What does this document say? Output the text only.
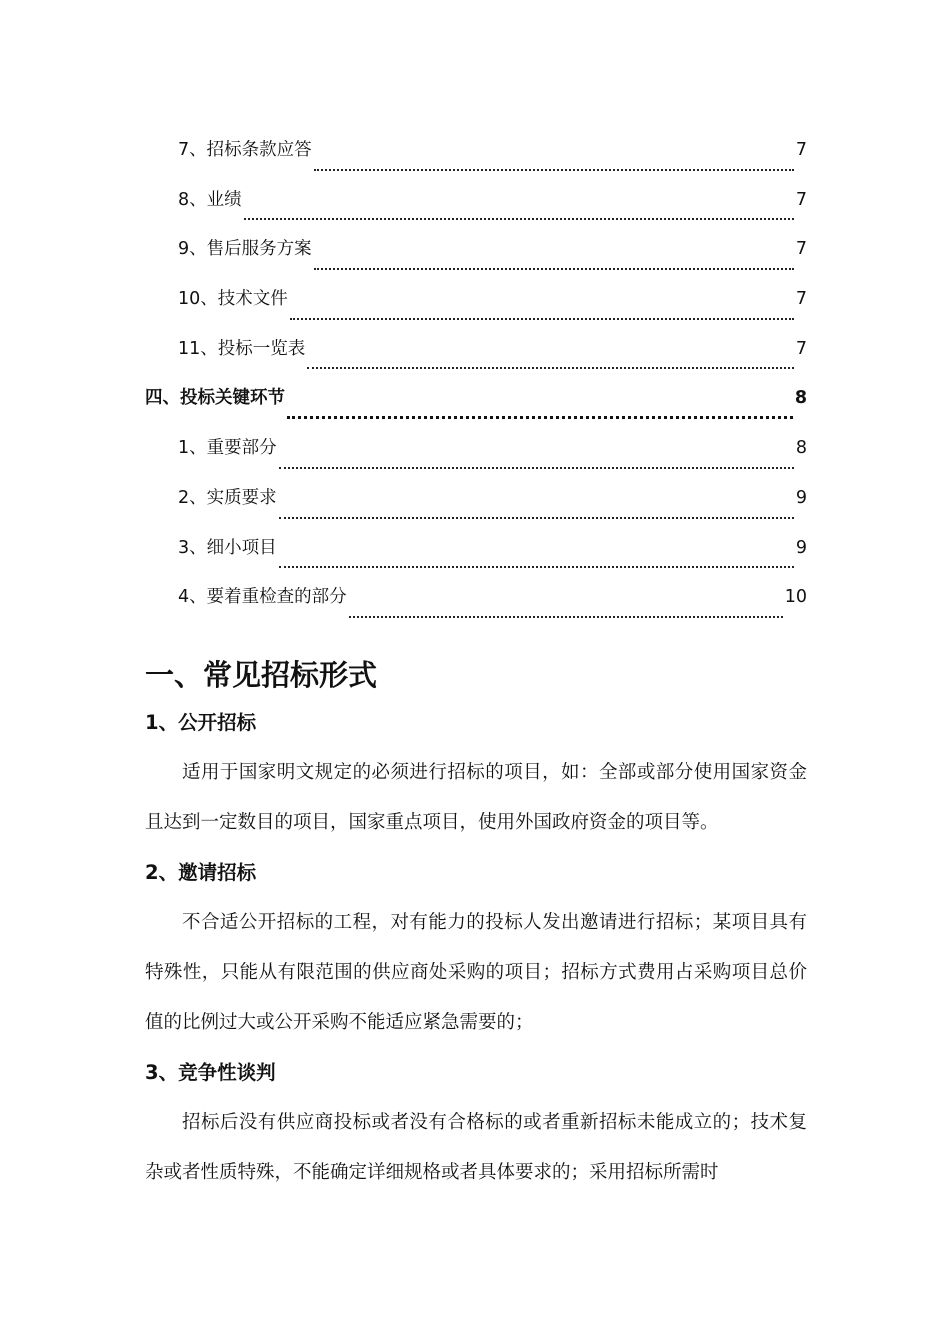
7、招标条款应答	7
8、业绩	7
9、售后服务方案	7
10、技术文件	7
11、投标一览表	7
四、投标关键环节	8
1、重要部分	8
2、实质要求	9
3、细小项目	9
4、要着重检查的部分	10
一、常见招标形式
1、公开招标

适用于国家明文规定的必须进行招标的项目，如：全部或部分使用国家资金且达到一定数目的项目，国家重点项目，使用外国政府资金的项目等。

2、邀请招标

不合适公开招标的工程，对有能力的投标人发出邀请进行招标；某项目具有特殊性，只能从有限范围的供应商处采购的项目；招标方式费用占采购项目总价值的比例过大或公开采购不能适应紧急需要的；

3、竞争性谈判

招标后没有供应商投标或者没有合格标的或者重新招标未能成立的；技术复杂或者性质特殊，不能确定详细规格或者具体要求的；采用招标所需时
